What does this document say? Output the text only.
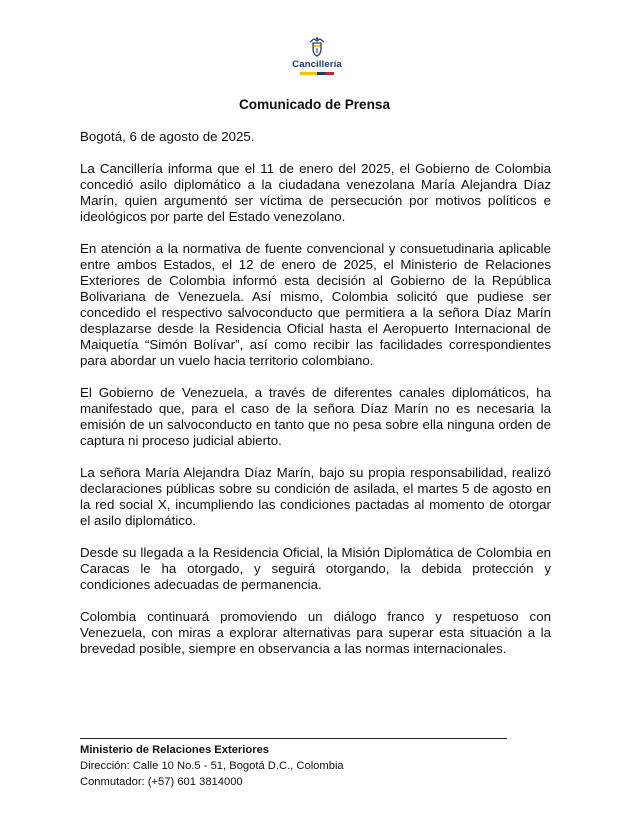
Cancillería
Comunicado de Prensa

Bogotá, 6 de agosto de 2025.

La Cancillería informa que el 11 de enero del 2025, el Gobierno de Colombia concedió asilo diplomático a la ciudadana venezolana María Alejandra Díaz Marín, quien argumentó ser víctima de persecución por motivos políticos e ideológicos por parte del Estado venezolano.

En atención a la normativa de fuente convencional y consuetudinaria aplicable entre ambos Estados, el 12 de enero de 2025, el Ministerio de Relaciones Exteriores de Colombia informó esta decisión al Gobierno de la República Bolivariana de Venezuela. Así mismo, Colombia solicitó que pudiese ser concedido el respectivo salvoconducto que permitiera a la señora Díaz Marín desplazarse desde la Residencia Oficial hasta el Aeropuerto Internacional de Maiquetía “Simón Bolívar”, así como recibir las facilidades correspondientes para abordar un vuelo hacia territorio colombiano.

El Gobierno de Venezuela, a través de diferentes canales diplomáticos, ha manifestado que, para el caso de la señora Díaz Marín no es necesaria la emisión de un salvoconducto en tanto que no pesa sobre ella ninguna orden de captura ni proceso judicial abierto.

La señora María Alejandra Díaz Marín, bajo su propia responsabilidad, realizó declaraciones públicas sobre su condición de asilada, el martes 5 de agosto en la red social X, incumpliendo las condiciones pactadas al momento de otorgar el asilo diplomático.

Desde su llegada a la Residencia Oficial, la Misión Diplomática de Colombia en Caracas le ha otorgado, y seguirá otorgando, la debida protección y condiciones adecuadas de permanencia.

Colombia continuará promoviendo un diálogo franco y respetuoso con Venezuela, con miras a explorar alternativas para superar esta situación a la brevedad posible, siempre en observancia a las normas internacionales.

Ministerio de Relaciones Exteriores
Dirección: Calle 10 No.5 - 51, Bogotá D.C., Colombia
Conmutador: (+57) 601 3814000
